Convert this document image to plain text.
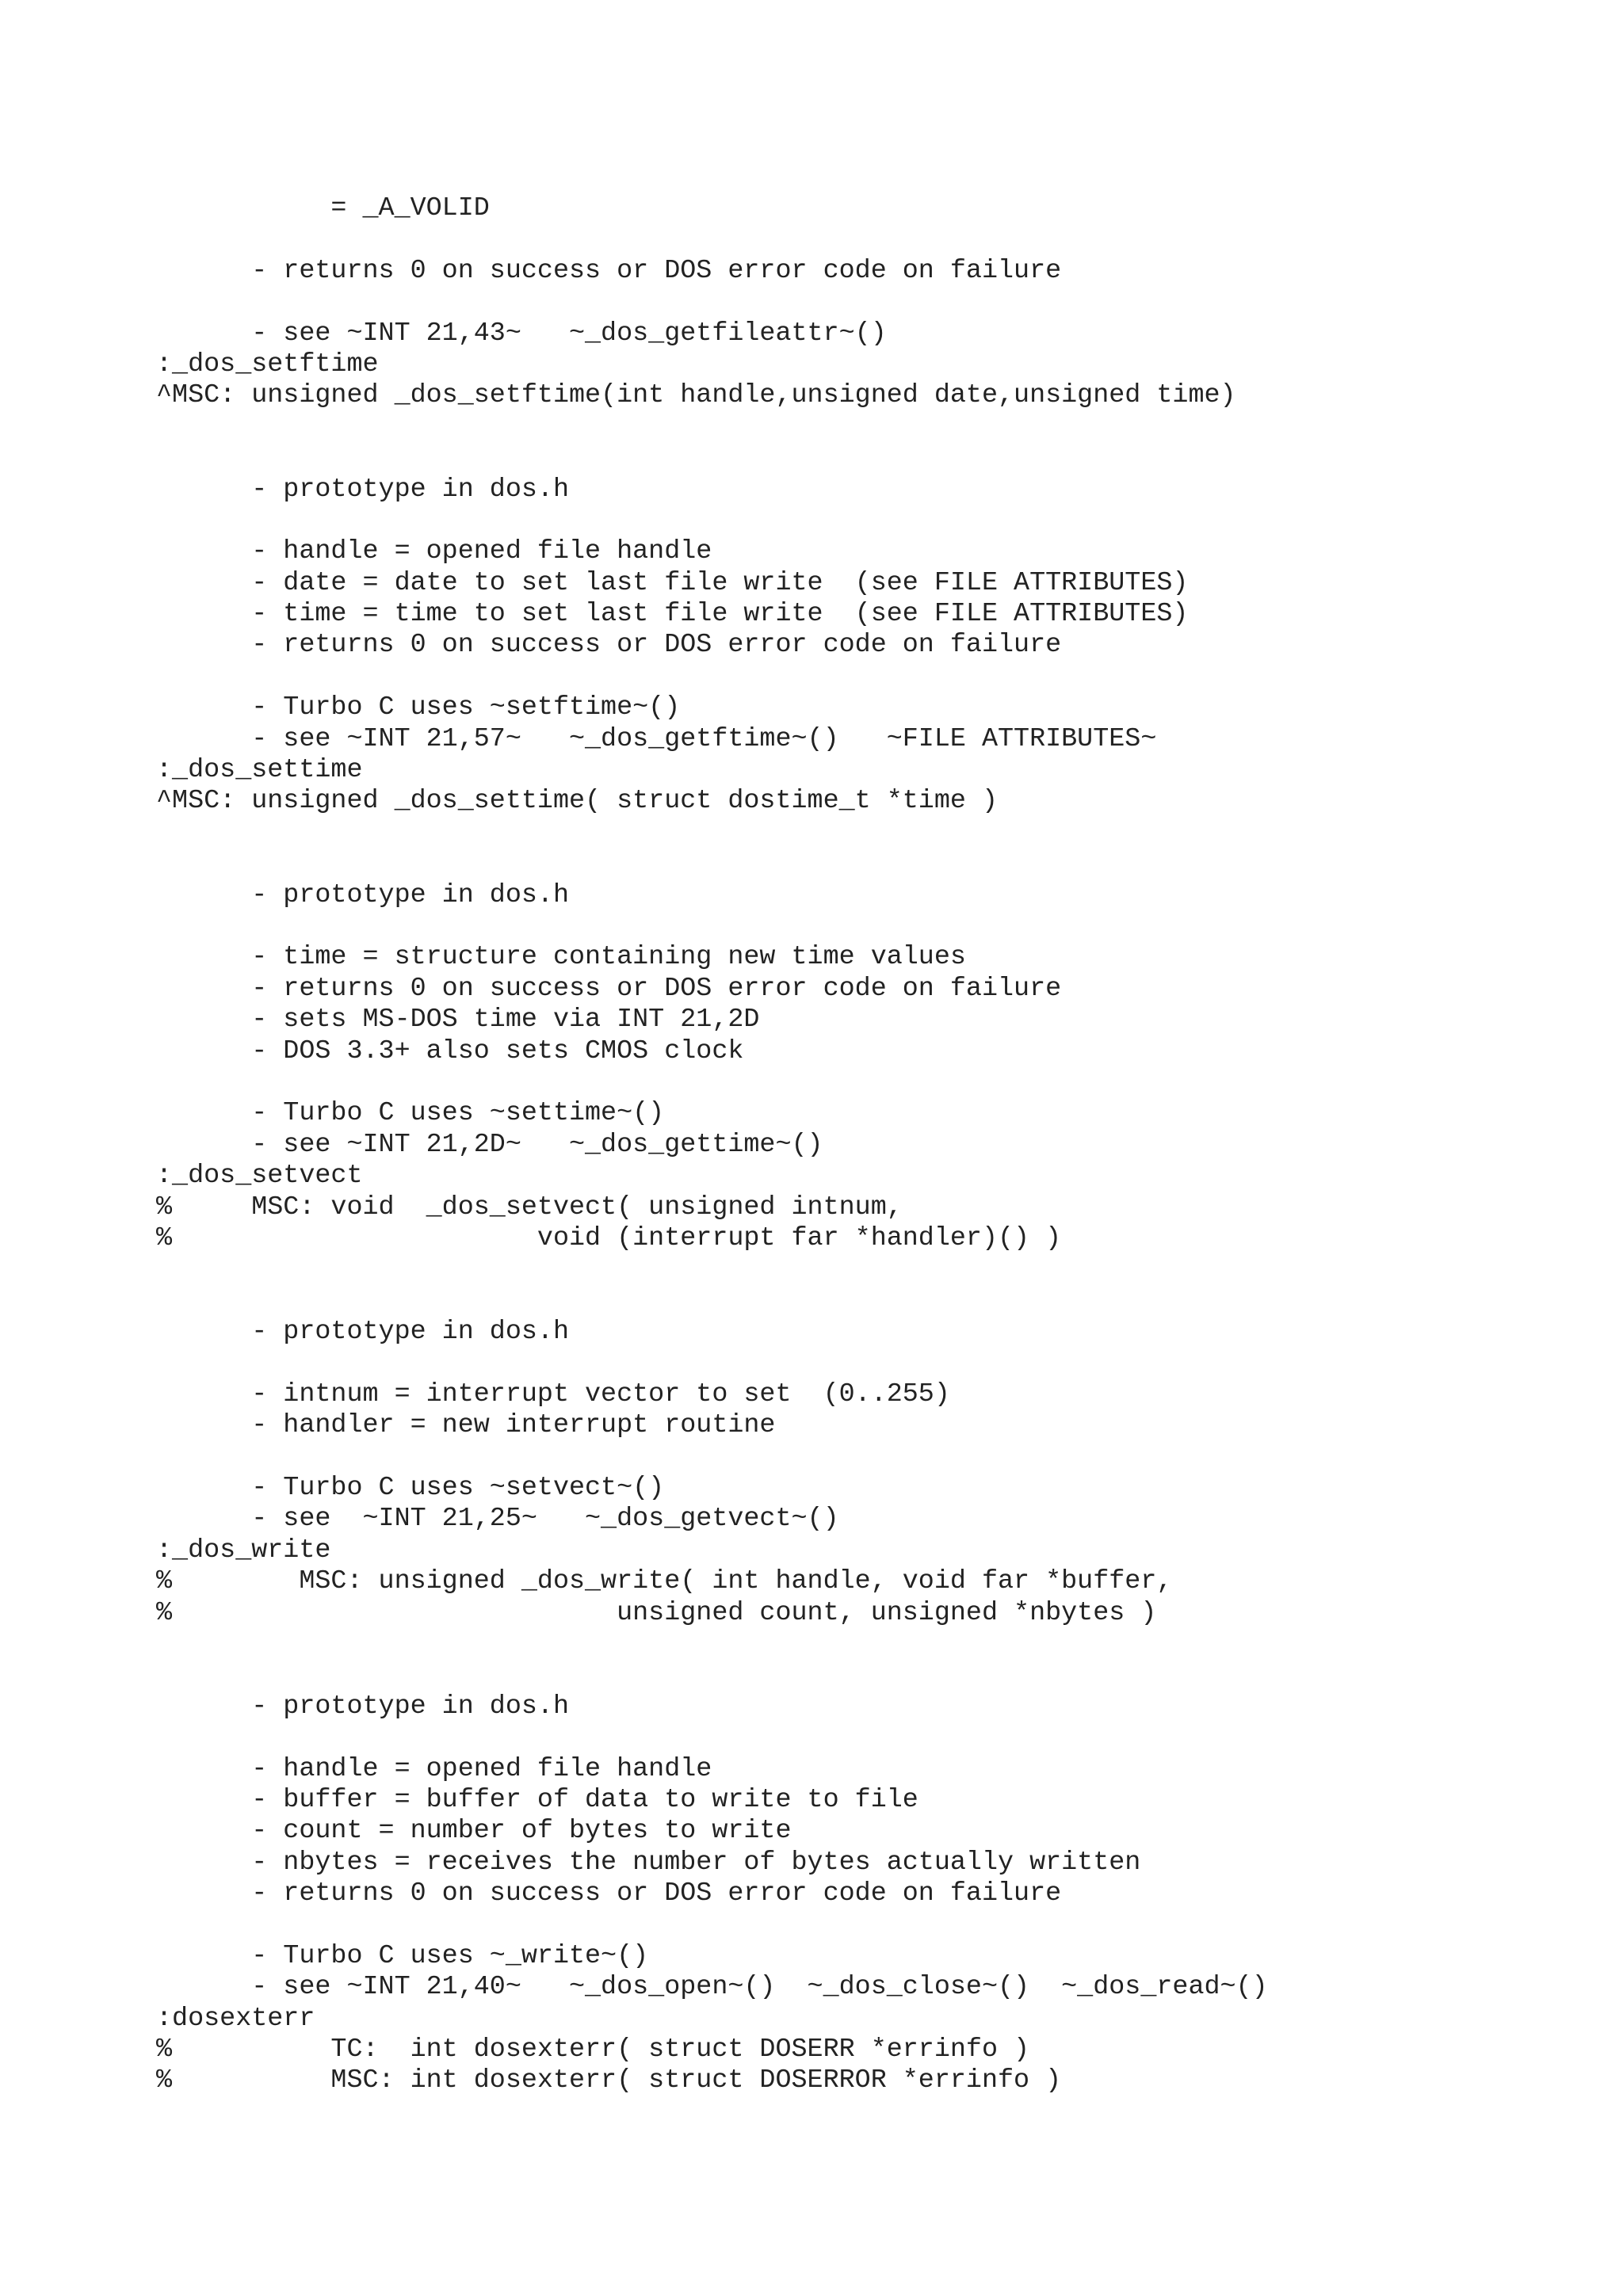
= _A_VOLID
- returns 0 on success or DOS error code on failure
- see ~INT 21,43~   ~_dos_getfileattr~()
:_dos_setftime
^MSC: unsigned _dos_setftime(int handle,unsigned date,unsigned time)
- prototype in dos.h
- handle = opened file handle
- date = date to set last file write  (see FILE ATTRIBUTES)
- time = time to set last file write  (see FILE ATTRIBUTES)
- returns 0 on success or DOS error code on failure
- Turbo C uses ~setftime~()
- see ~INT 21,57~   ~_dos_getftime~()   ~FILE ATTRIBUTES~
:_dos_settime
^MSC: unsigned _dos_settime( struct dostime_t *time )
- prototype in dos.h
- time = structure containing new time values
- returns 0 on success or DOS error code on failure
- sets MS-DOS time via INT 21,2D
- DOS 3.3+ also sets CMOS clock
- Turbo C uses ~settime~()
- see ~INT 21,2D~   ~_dos_gettime~()
:_dos_setvect
%     MSC: void  _dos_setvect( unsigned intnum,
%                       void (interrupt far *handler)() )
- prototype in dos.h
- intnum = interrupt vector to set  (0..255)
- handler = new interrupt routine
- Turbo C uses ~setvect~()
- see  ~INT 21,25~   ~_dos_getvect~()
:_dos_write
%        MSC: unsigned _dos_write( int handle, void far *buffer,
%                            unsigned count, unsigned *nbytes )
- prototype in dos.h
- handle = opened file handle
- buffer = buffer of data to write to file
- count = number of bytes to write
- nbytes = receives the number of bytes actually written
- returns 0 on success or DOS error code on failure
- Turbo C uses ~_write~()
- see ~INT 21,40~   ~_dos_open~()  ~_dos_close~()  ~_dos_read~()
:dosexterr
%          TC:  int dosexterr( struct DOSERR *errinfo )
%          MSC: int dosexterr( struct DOSERROR *errinfo )
